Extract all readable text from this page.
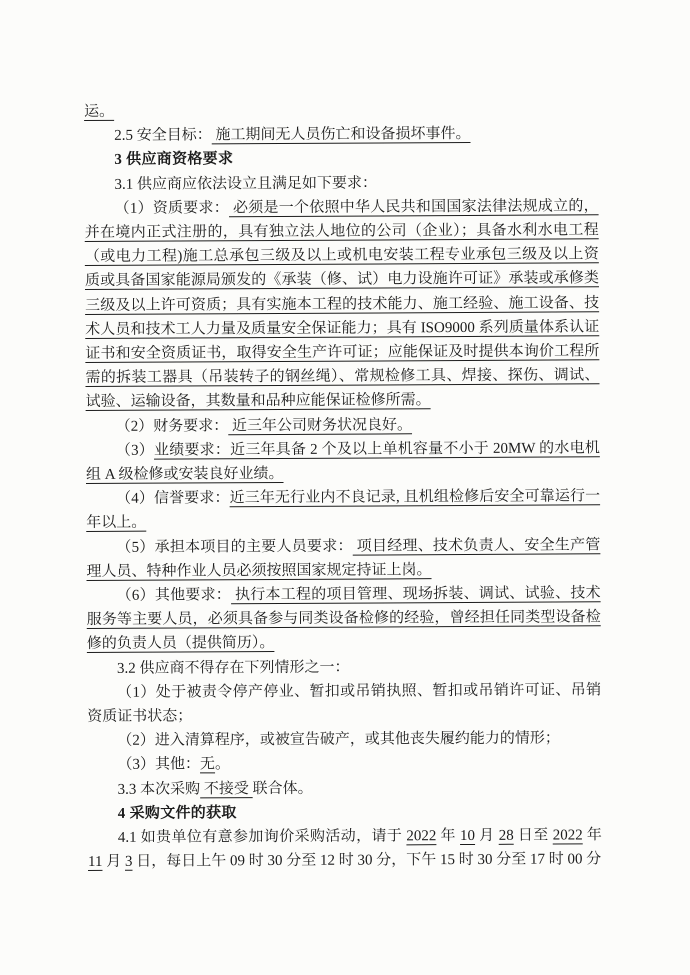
运。

2.5 安全目标： 施工期间无人员伤亡和设备损坏事件。

3 供应商资格要求

3.1 供应商应依法设立且满足如下要求：

（1）资质要求： 必须是一个依照中华人民共和国国家法律法规成立的，并在境内正式注册的，具有独立法人地位的公司（企业）；具备水利水电工程（或电力工程)施工总承包三级及以上或机电安装工程专业承包三级及以上资质或具备国家能源局颁发的《承装（修、试）电力设施许可证》承装或承修类三级及以上许可资质；具有实施本工程的技术能力、施工经验、施工设备、技术人员和技术工人力量及质量安全保证能力；具有 ISO9000 系列质量体系认证证书和安全资质证书，取得安全生产许可证；应能保证及时提供本询价工程所需的拆装工器具（吊装转子的钢丝绳）、常规检修工具、焊接、探伤、调试、试验、运输设备，其数量和品种应能保证检修所需。

（2）财务要求： 近三年公司财务状况良好。

（3）业绩要求：近三年具备 2 个及以上单机容量不小于 20MW 的水电机组 A 级检修或安装良好业绩。

（4）信誉要求：近三年无行业内不良记录, 且机组检修后安全可靠运行一年以上。

（5）承担本项目的主要人员要求： 项目经理、技术负责人、安全生产管理人员、特种作业人员必须按照国家规定持证上岗。

（6）其他要求： 执行本工程的项目管理、现场拆装、调试、试验、技术服务等主要人员，必须具备参与同类设备检修的经验，曾经担任同类型设备检修的负责人员（提供简历）。

3.2 供应商不得存在下列情形之一：

（1）处于被责令停产停业、暂扣或吊销执照、暂扣或吊销许可证、吊销资质证书状态；

（2）进入清算程序，或被宣告破产，或其他丧失履约能力的情形；

（3）其他：无。

3.3 本次采购 不接受 联合体。

4 采购文件的获取

4.1 如贵单位有意参加询价采购活动，请于 2022 年 10 月 28 日至 2022 年 11 月 3 日，每日上午 09 时 30 分至 12 时 30 分，下午 15 时 30 分至 17 时 00 分
